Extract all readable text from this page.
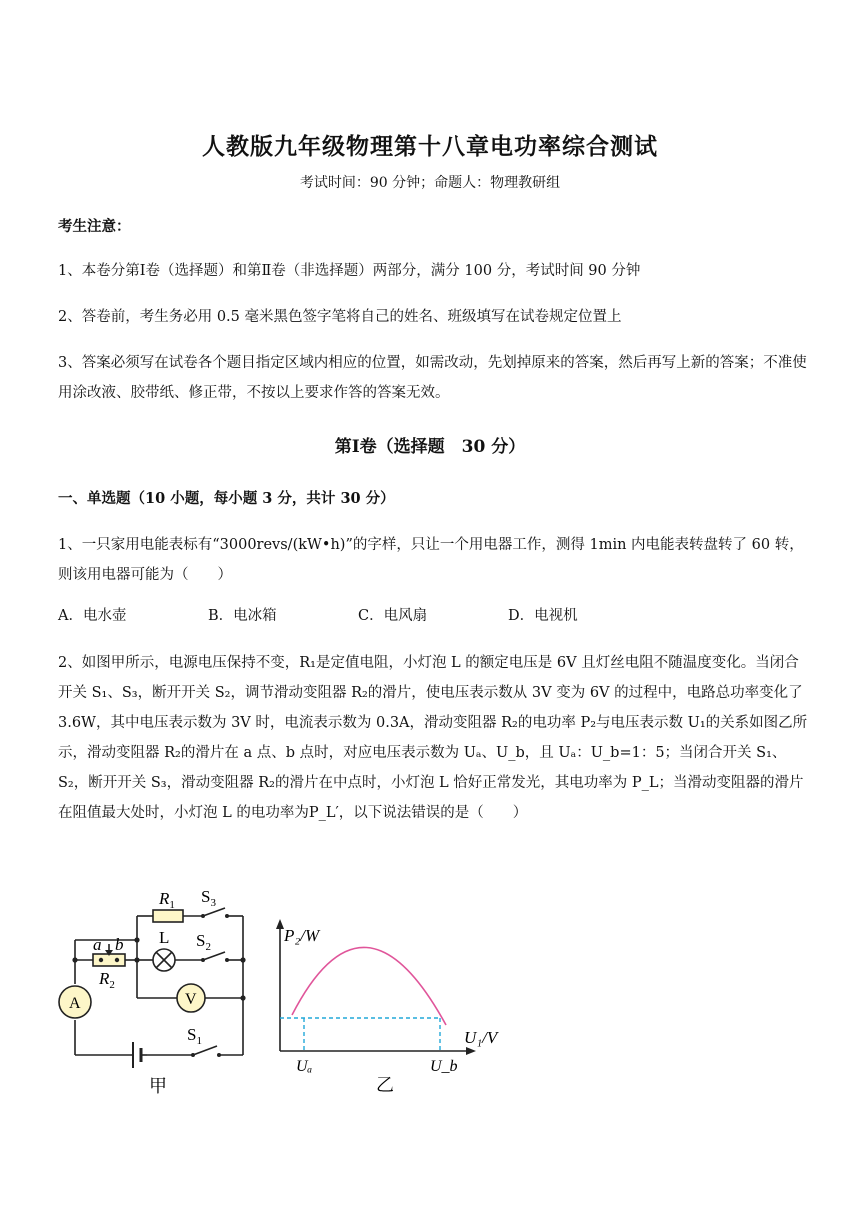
人教版九年级物理第十八章电功率综合测试
考试时间：90 分钟；命题人：物理教研组
考生注意：
1、本卷分第Ⅰ卷（选择题）和第Ⅱ卷（非选择题）两部分，满分 100 分，考试时间 90 分钟
2、答卷前，考生务必用 0.5 毫米黑色签字笔将自己的姓名、班级填写在试卷规定位置上
3、答案必须写在试卷各个题目指定区域内相应的位置，如需改动，先划掉原来的答案，然后再写上新的答案；不准使用涂改液、胶带纸、修正带，不按以上要求作答的答案无效。
第Ⅰ卷（选择题　30 分）
一、单选题（10 小题，每小题 3 分，共计 30 分）
1、一只家用电能表标有“3000revs/(kW•h)”的字样，只让一个用电器工作，测得 1min 内电能表转盘转了 60 转，则该用电器可能为（　　）
A．电水壶	B．电冰箱	C．电风扇	D．电视机
2、如图甲所示，电源电压保持不变，R₁是定值电阻，小灯泡 L 的额定电压是 6V 且灯丝电阻不随温度变化。当闭合开关 S₁、S₃，断开开关 S₂，调节滑动变阻器 R₂的滑片，使电压表示数从 3V 变为 6V 的过程中，电路总功率变化了 3.6W，其中电压表示数为 3V 时，电流表示数为 0.3A，滑动变阻器 R₂的电功率 P₂与电压表示数 U₁的关系如图乙所示，滑动变阻器 R₂的滑片在 a 点、b 点时，对应电压表示数为 Uₐ、U_b，且 Uₐ：U_b=1：5；当闭合开关 S₁、S₂，断开开关 S₃，滑动变阻器 R₂的滑片在中点时，小灯泡 L 恰好正常发光，其电功率为 P_L；当滑动变阻器的滑片在阻值最大处时，小灯泡 L 的电功率为P_L′，以下说法错误的是（　　）
$R_1$ $S_3$
L $S_2$
a b
$R_2$
A	V
$S_1$
甲
P₂/W
U₁/V
Uₐ	U_b
乙
